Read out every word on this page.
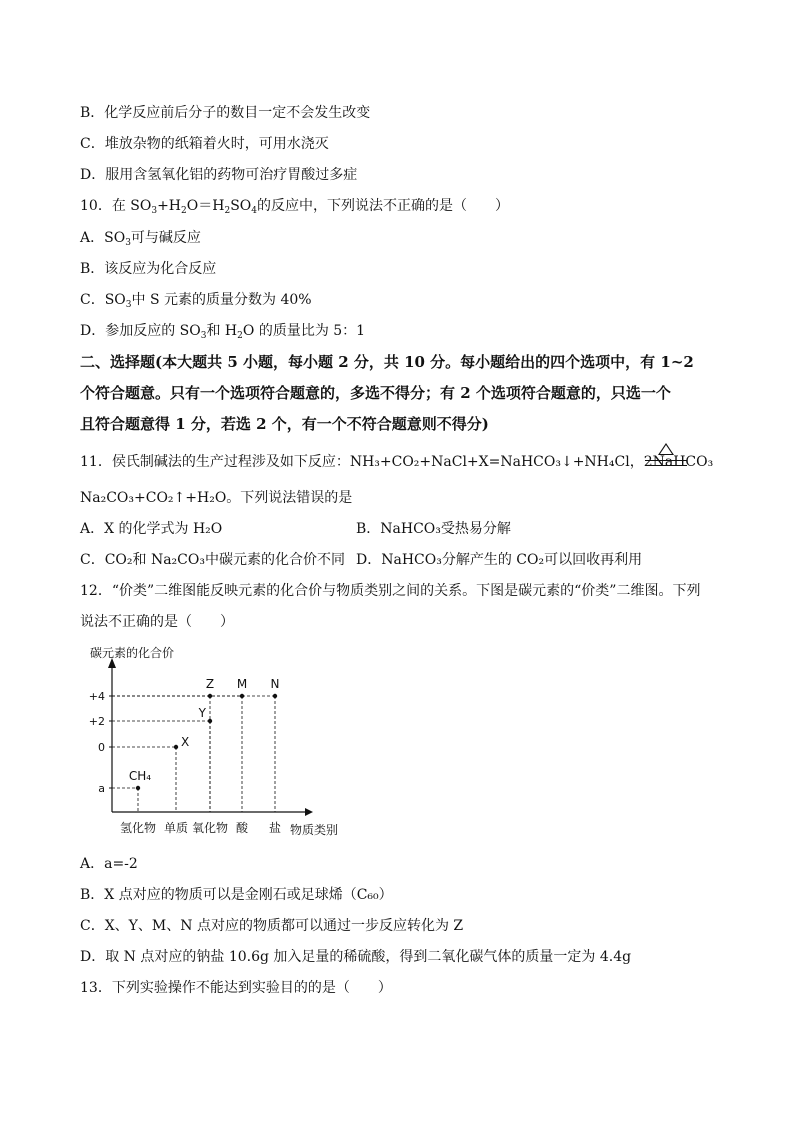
B．化学反应前后分子的数目一定不会发生改变
C．堆放杂物的纸箱着火时，可用水浇灭
D．服用含氢氧化铝的药物可治疗胃酸过多症
10．在 $SO_3+H_2O=H_2SO_4$的反应中，下列说法不正确的是（　　）
A．$SO_3$可与碱反应
B．该反应为化合反应
C．$SO_3$中 S 元素的质量分数为 40%
D．参加反应的 $SO_3$和 $H_2O$ 的质量比为 5：1
二、选择题(本大题共 5 小题，每小题 2 分，共 10 分。每小题给出的四个选项中，有 1~2
个符合题意。只有一个选项符合题意的，多选不得分；有 2 个选项符合题意的，只选一个
且符合题意得 1 分，若选 2 个，有一个不符合题意则不得分)
11．侯氏制碱法的生产过程涉及如下反应：NH₃+CO₂+NaCl+X=NaHCO₃↓+NH₄Cl，2NaHCO₃
Na₂CO₃+CO₂↑+H₂O。下列说法错误的是
A．X 的化学式为 H₂O	B．NaHCO₃受热易分解
C．CO₂和 Na₂CO₃中碳元素的化合价不同 D．NaHCO₃分解产生的 CO₂可以回收再利用
12．“价类”二维图能反映元素的化合价与物质类别之间的关系。下图是碳元素的“价类”二维图。下列
说法不正确的是（　　）
碳元素的化合价
物质类别
a
0
+2
+4
氢化物 单质 氧化物 酸 盐
CH₄
X
Y
Z M N
A．a=-2
B．X 点对应的物质可以是金刚石或足球烯（C₆₀）
C．X、Y、M、N 点对应的物质都可以通过一步反应转化为 Z
D．取 N 点对应的钠盐 10.6g 加入足量的稀硫酸，得到二氧化碳气体的质量一定为 4.4g
13．下列实验操作不能达到实验目的的是（　　）
